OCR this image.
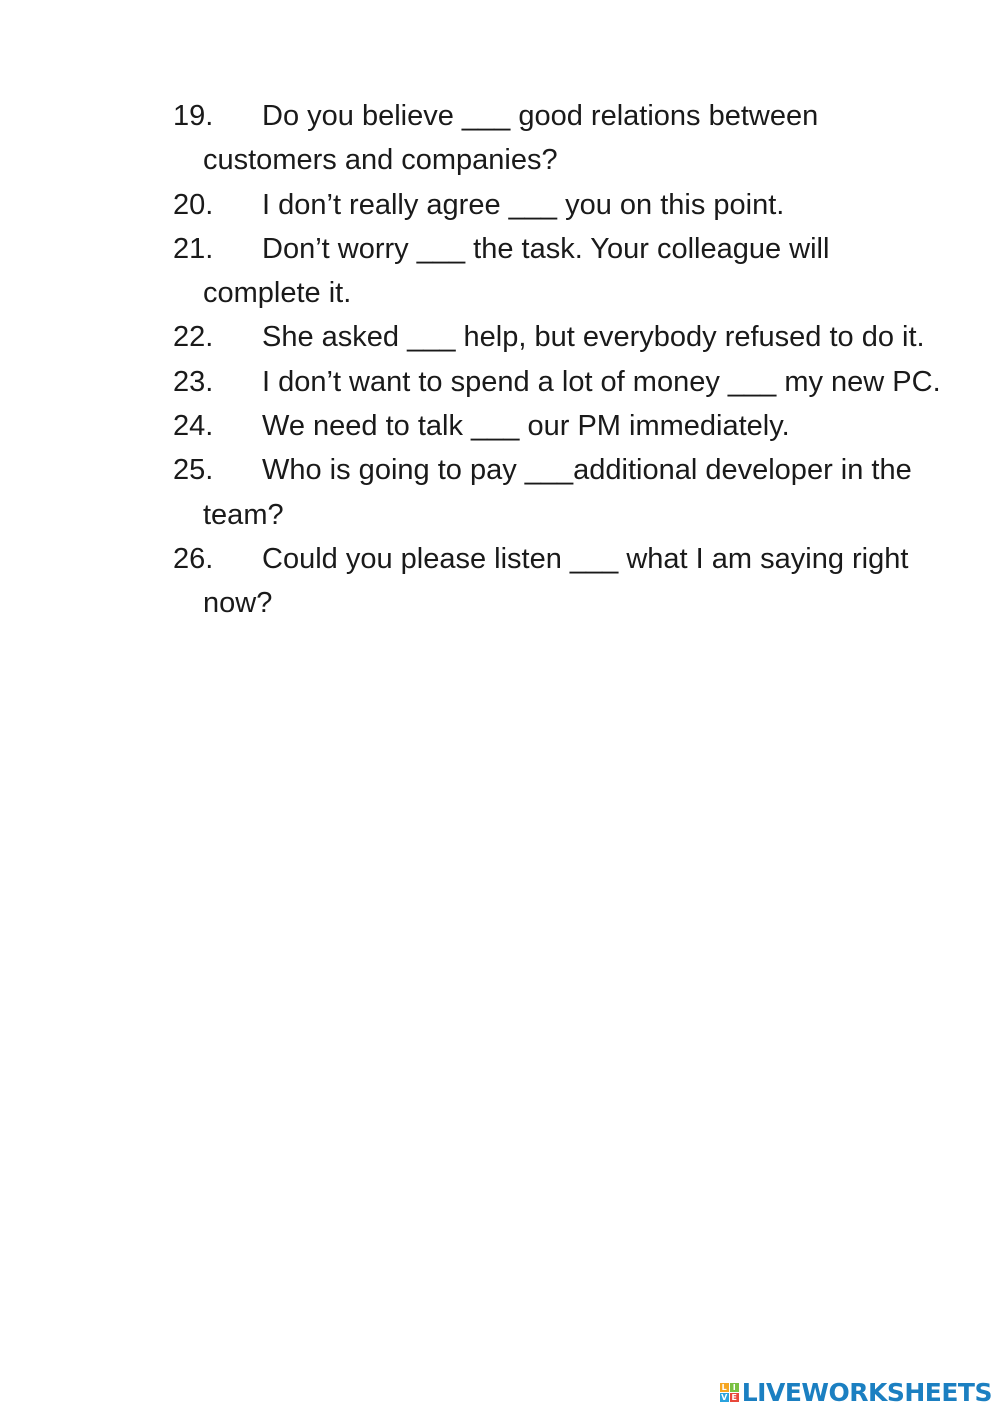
19. Do you believe ___ good relations between customers and companies?
20. I don’t really agree ___ you on this point.
21. Don’t worry ___ the task. Your colleague will complete it.
22. She asked ___ help, but everybody refused to do it.
23. I don’t want to spend a lot of money ___ my new PC.
24. We need to talk ___ our PM immediately.
25. Who is going to pay ___additional developer in the team?
26. Could you please listen ___ what I am saying right now?
L I
V E LIVEWORKSHEETS
